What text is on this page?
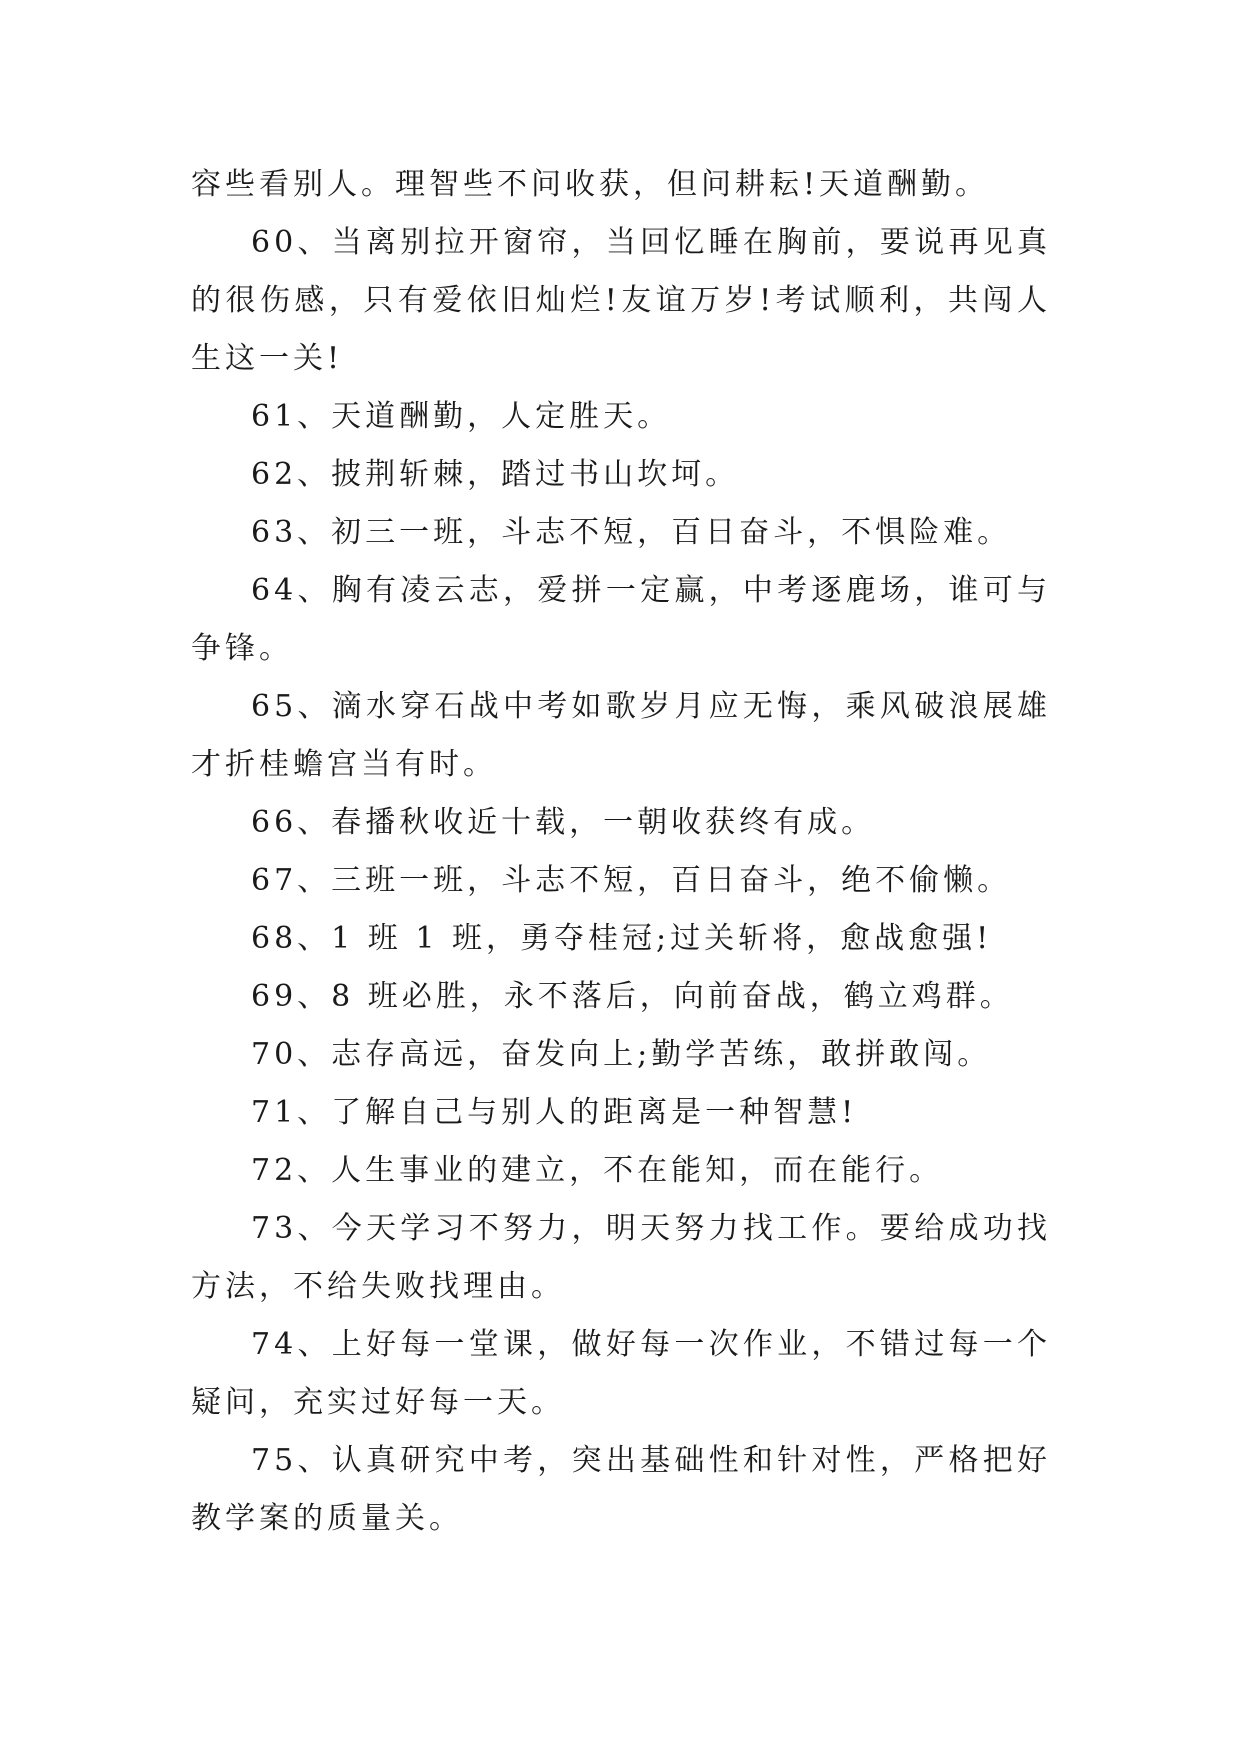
容些看别人。理智些不问收获，但问耕耘!天道酬勤。

60、当离别拉开窗帘，当回忆睡在胸前，要说再见真的很伤感，只有爱依旧灿烂!友谊万岁!考试顺利，共闯人生这一关!

61、天道酬勤，人定胜天。

62、披荆斩棘，踏过书山坎坷。

63、初三一班，斗志不短，百日奋斗，不惧险难。

64、胸有凌云志，爱拼一定赢，中考逐鹿场，谁可与争锋。

65、滴水穿石战中考如歌岁月应无悔，乘风破浪展雄才折桂蟾宫当有时。

66、春播秋收近十载，一朝收获终有成。

67、三班一班，斗志不短，百日奋斗，绝不偷懒。

68、1 班 1 班，勇夺桂冠;过关斩将，愈战愈强!

69、8 班必胜，永不落后，向前奋战，鹤立鸡群。

70、志存高远，奋发向上;勤学苦练，敢拼敢闯。

71、了解自己与别人的距离是一种智慧!

72、人生事业的建立，不在能知，而在能行。

73、今天学习不努力，明天努力找工作。要给成功找方法，不给失败找理由。

74、上好每一堂课，做好每一次作业，不错过每一个疑问，充实过好每一天。

75、认真研究中考，突出基础性和针对性，严格把好教学案的质量关。
